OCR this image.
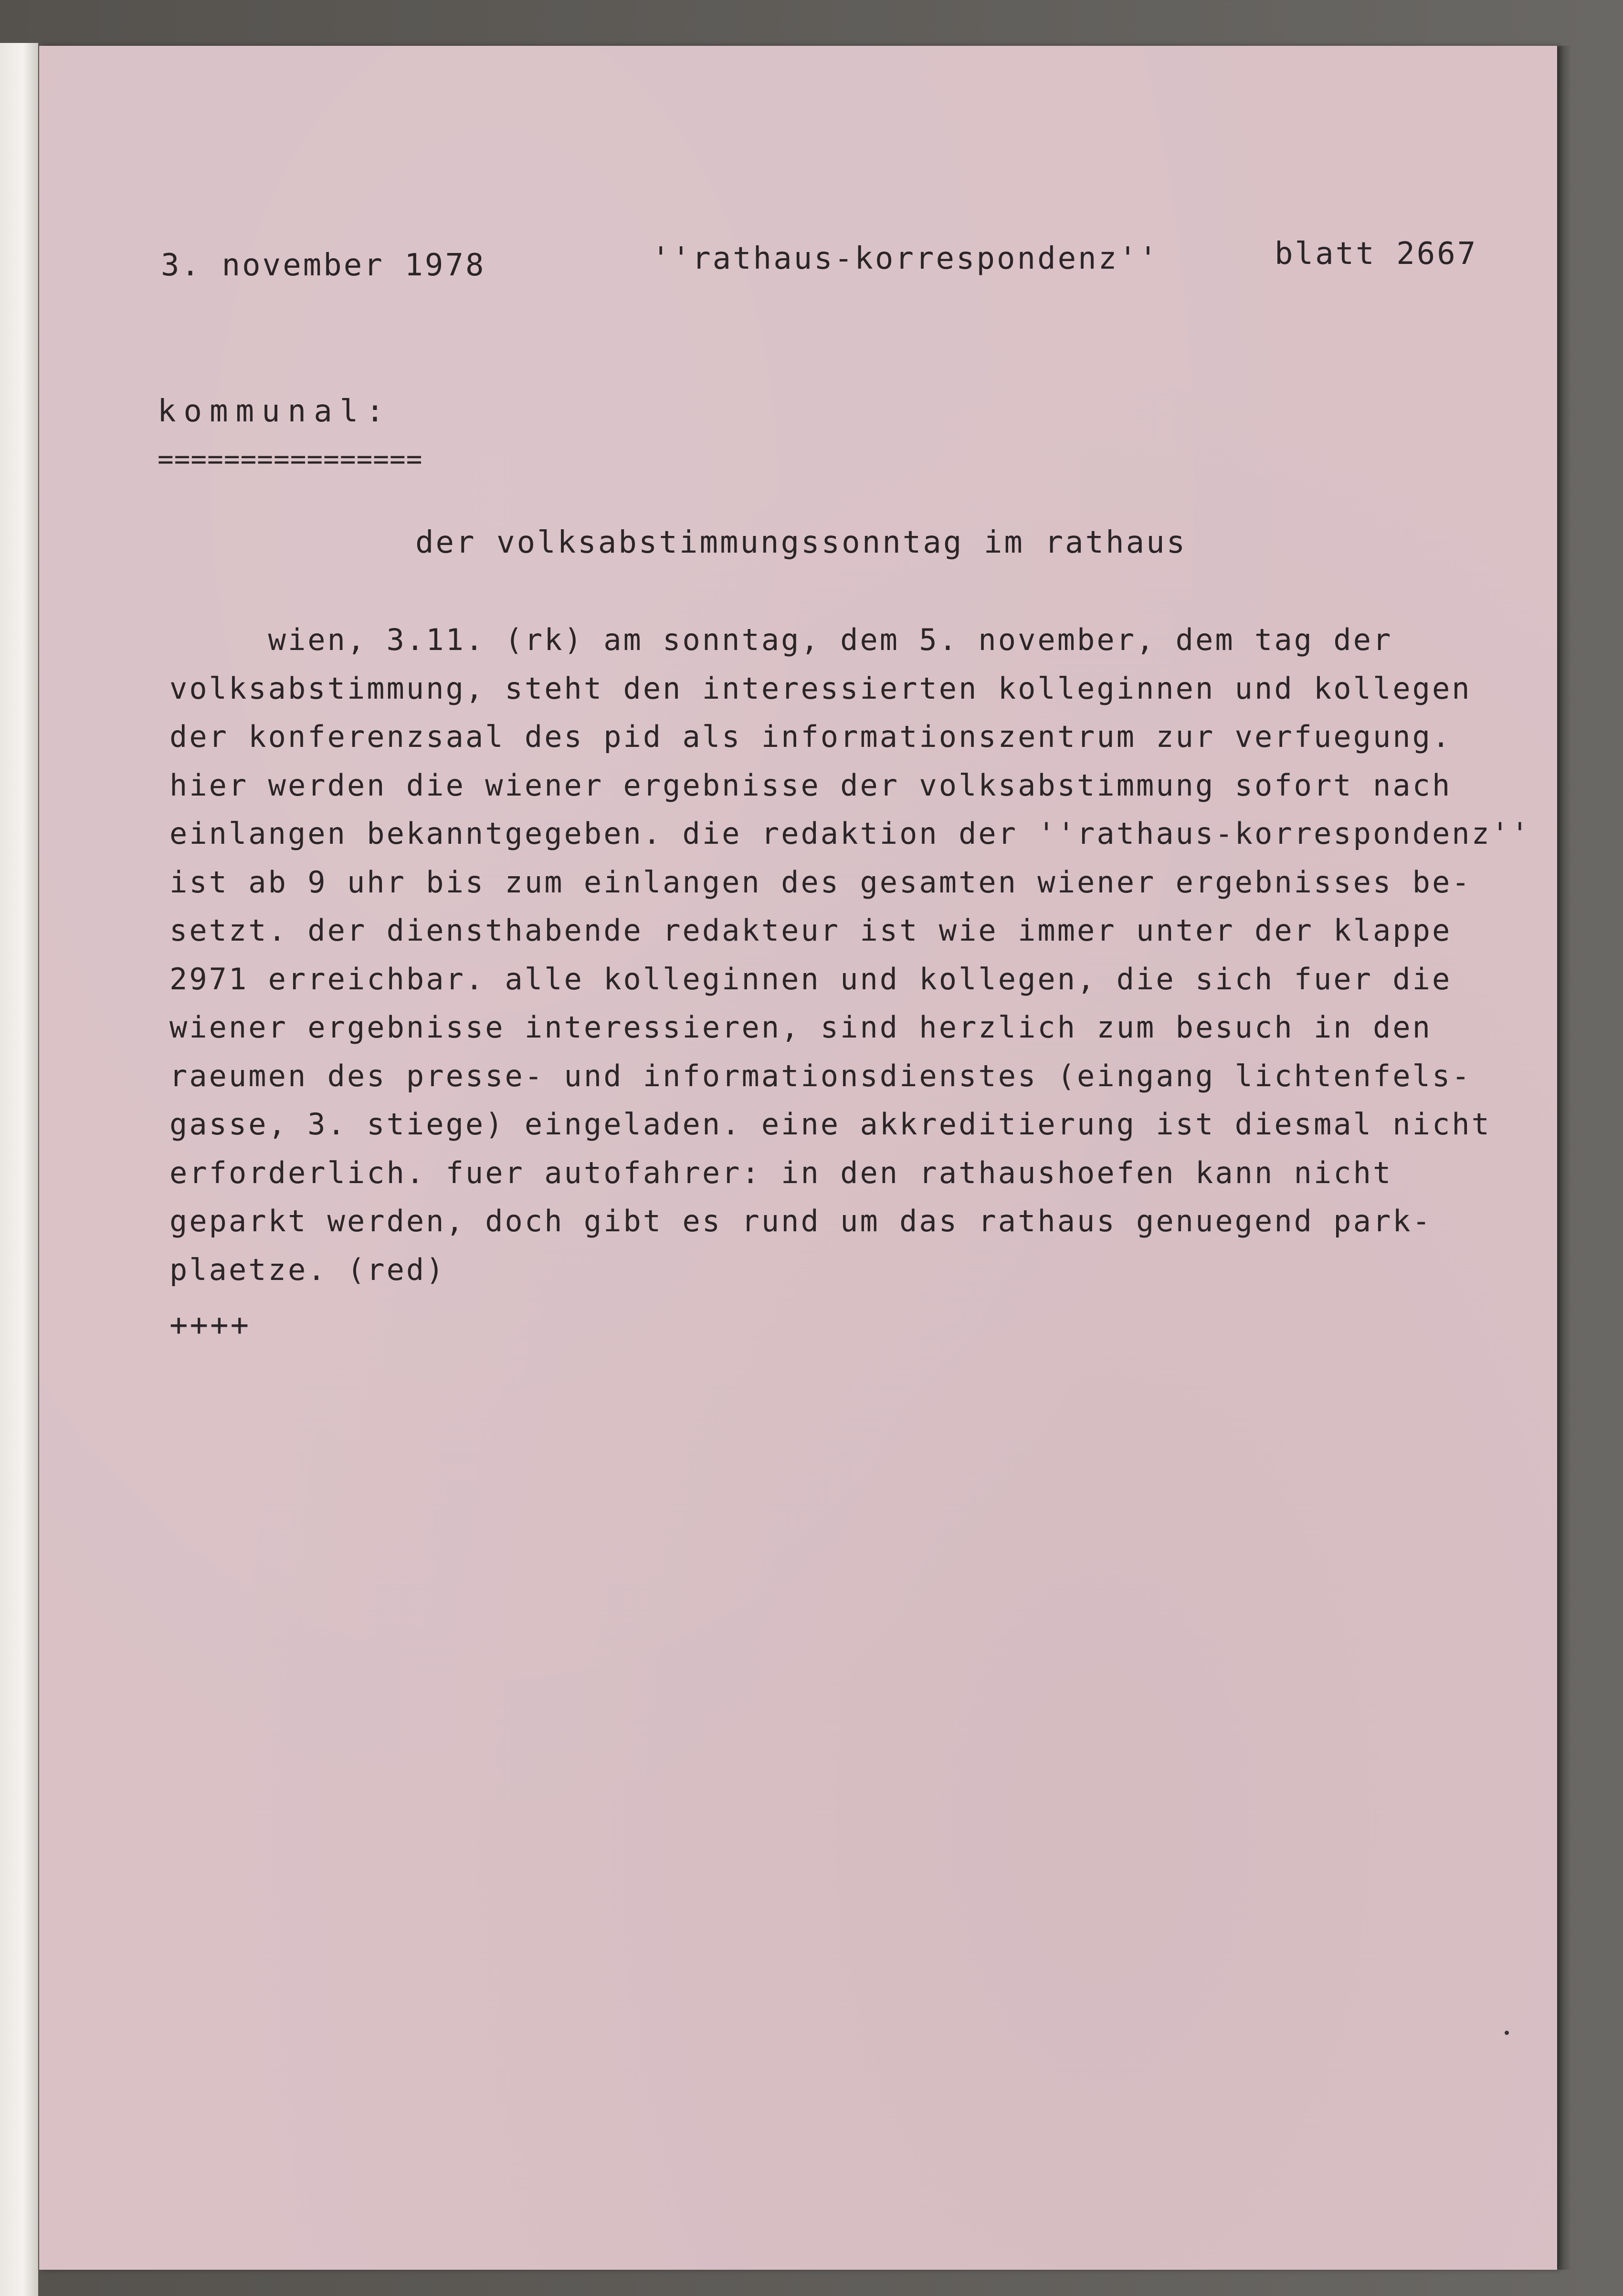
3. november 1978	''rathaus-korrespondenz''	blatt 2667
kommunal:
================
der volksabstimmungssonntag im rathaus
wien, 3.11. (rk) am sonntag, dem 5. november, dem tag der
volksabstimmung, steht den interessierten kolleginnen und kollegen
der konferenzsaal des pid als informationszentrum zur verfuegung.
hier werden die wiener ergebnisse der volksabstimmung sofort nach
einlangen bekanntgegeben. die redaktion der ''rathaus-korrespondenz''
ist ab 9 uhr bis zum einlangen des gesamten wiener ergebnisses be-
setzt. der diensthabende redakteur ist wie immer unter der klappe
2971 erreichbar. alle kolleginnen und kollegen, die sich fuer die
wiener ergebnisse interessieren, sind herzlich zum besuch in den
raeumen des presse- und informationsdienstes (eingang lichtenfels-
gasse, 3. stiege) eingeladen. eine akkreditierung ist diesmal nicht
erforderlich. fuer autofahrer: in den rathaushoefen kann nicht
geparkt werden, doch gibt es rund um das rathaus genuegend park-
plaetze. (red)
++++
